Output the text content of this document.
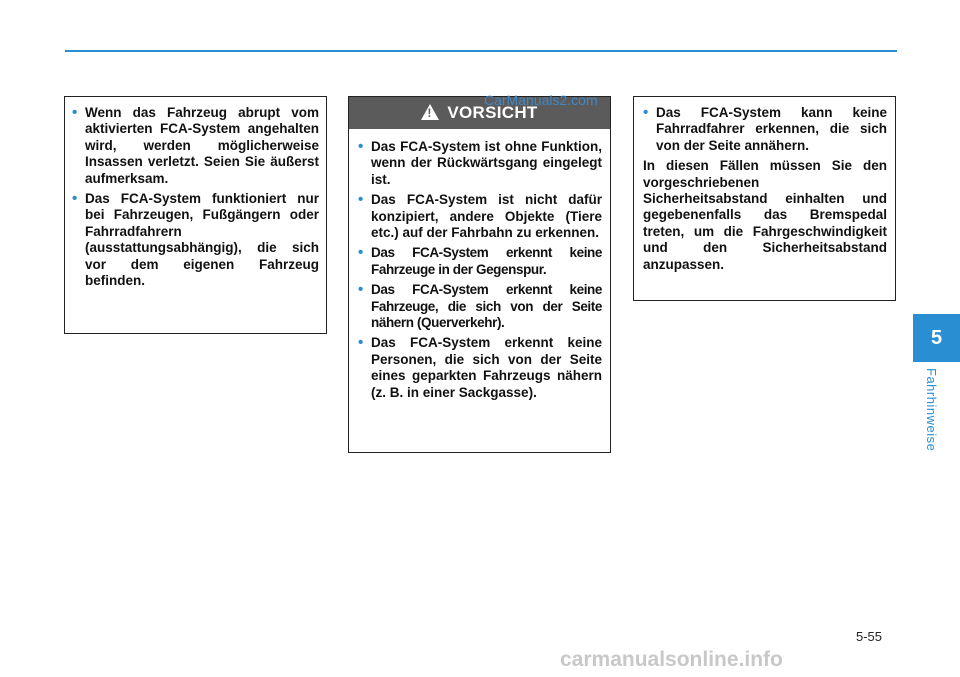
• Wenn das Fahrzeug abrupt vom aktivierten FCA-System angehalten wird, werden möglicherweise Insassen verletzt. Seien Sie äußerst aufmerksam.
• Das FCA-System funktioniert nur bei Fahrzeugen, Fußgängern oder Fahrradfahrern (ausstattungsabhängig), die sich vor dem eigenen Fahrzeug befinden.
!
VORSICHT
• Das FCA-System ist ohne Funktion, wenn der Rückwärtsgang eingelegt ist.
• Das FCA-System ist nicht dafür konzipiert, andere Objekte (Tiere etc.) auf der Fahrbahn zu erkennen.
• Das FCA-System erkennt keine Fahrzeuge in der Gegenspur.
• Das FCA-System erkennt keine Fahrzeuge, die sich von der Seite nähern (Querverkehr).
• Das FCA-System erkennt keine Personen, die sich von der Seite eines geparkten Fahrzeugs nähern (z. B. in einer Sackgasse).
CarManuals2.com
• Das FCA-System kann keine Fahrradfahrer erkennen, die sich von der Seite annähern.

In diesen Fällen müssen Sie den vorgeschriebenen Sicherheitsabstand einhalten und gegebenenfalls das Bremspedal treten, um die Fahrgeschwindigkeit und den Sicherheitsabstand anzupassen.

5
Fahrhinweise
5-55
carmanualsonline.info
